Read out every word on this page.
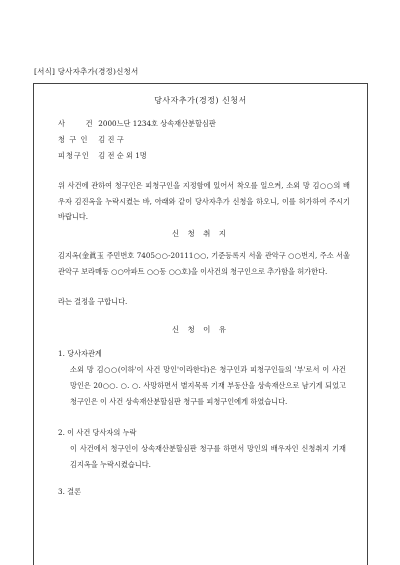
[서식] 당사자추가(경정)신청서
당사자추가(경정) 신청서
사      건 2000느단 1234호 상속재산분할심판
청 구 인 김 진 구
피청구인 김 전 순 외 1명
위 사건에 관하여 청구인은 피청구인을 지정함에 있어서 착오를 일으켜, 소외 망 김○○의 배우자 김진옥을 누락시켰는 바, 아래와 같이 당사자추가 신청을 하오니, 이를 허가하여 주시기 바랍니다.
신 청 취 지
김지옥(金眞玉 주민번호 7405○○-20111○○, 기준등록지 서울 관악구 ○○번지, 주소 서울 관악구 보라매동 ○○아파트 ○○동 ○○호)을 이사건의 청구인으로 추가함을 허가한다.
라는 결정을 구합니다.
신 청 이 유
1. 당사자관계
소외 망 김○○(이하'이 사건 망인'이라한다)은 청구인과 피청구인들의 '부'로서 이 사건 망인은 20○○. ○. ○. 사망하면서 별지목록 기재 부동산을 상속재산으로 남기게 되었고 청구인은 이 사건 상속재산분할심판 청구를 피청구인에게 하였습니다.
2. 이 사건 당사자의 누락
이 사건에서 청구인이 상속재산분할심판 청구를 하면서 망인의 배우자인 신청취지 기재 김지옥을 누락시켰습니다.
3. 결론
